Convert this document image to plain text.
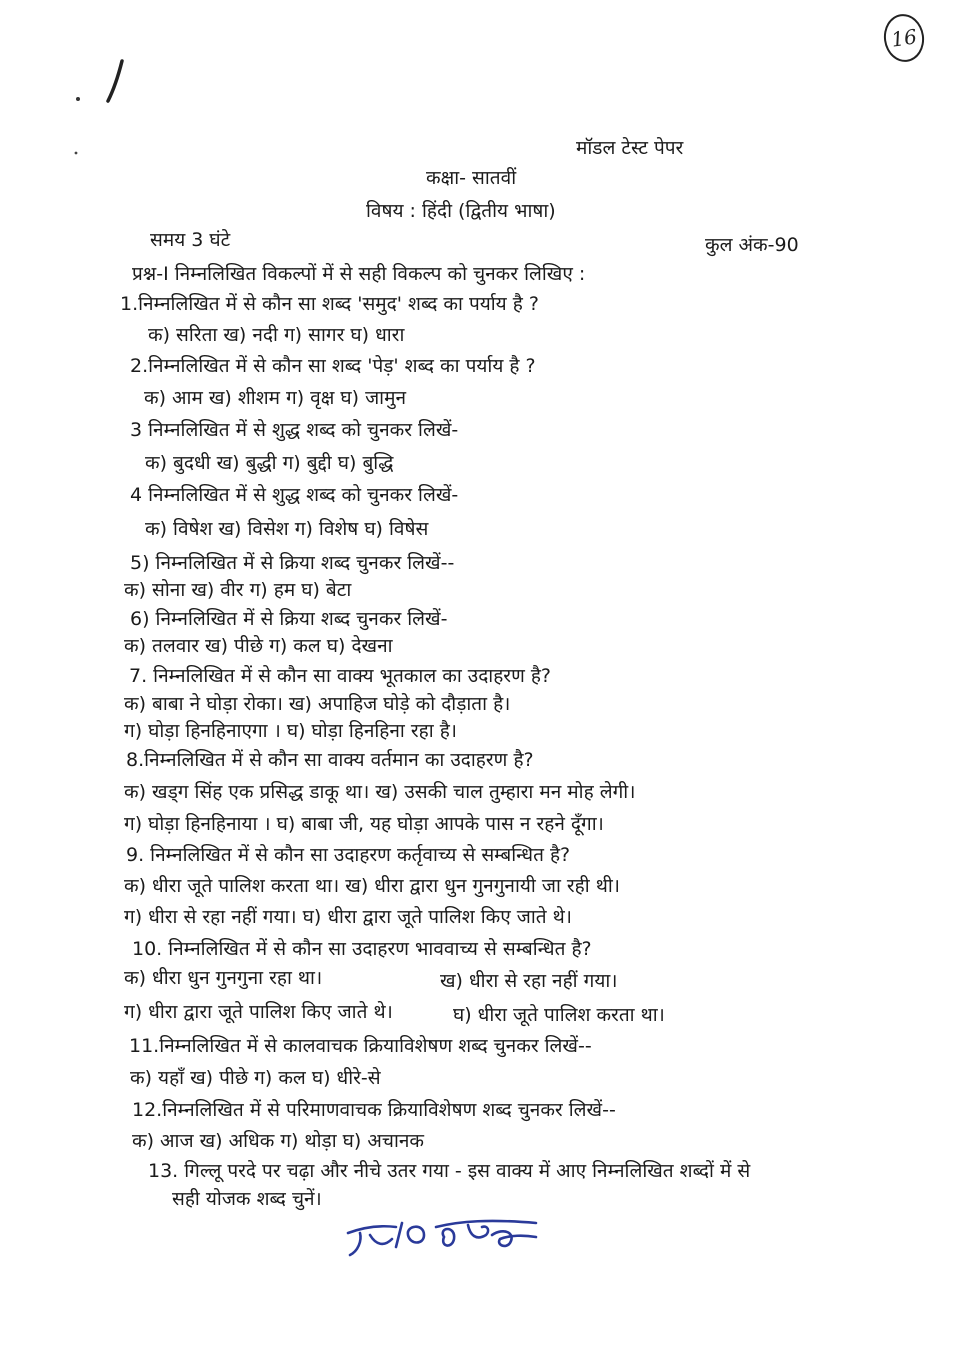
16
मॉडल टेस्ट पेपर
कक्षा- सातवीं
विषय : हिंदी (द्वितीय भाषा)
समय 3 घंटे	कुल अंक-90
प्रश्न-I निम्नलिखित विकल्पों में से सही विकल्प को चुनकर लिखिए :
1.निम्नलिखित में से कौन सा शब्द 'समुद' शब्द का पर्याय है ?
क) सरिता ख) नदी ग) सागर घ) धारा
2.निम्नलिखित में से कौन सा शब्द 'पेड़' शब्द का पर्याय है ?
क) आम ख) शीशम ग) वृक्ष घ) जामुन
3 निम्नलिखित में से शुद्ध शब्द को चुनकर लिखें-
क) बुदधी ख) बुद्धी ग) बुद्दी घ) बुद्धि
4 निम्नलिखित में से शुद्ध शब्द को चुनकर लिखें-
क) विषेश ख) विसेश ग) विशेष घ) विषेस
5) निम्नलिखित में से क्रिया शब्द चुनकर लिखें--
क) सोना ख) वीर ग) हम घ) बेटा
6) निम्नलिखित में से क्रिया शब्द चुनकर लिखें-
क) तलवार ख) पीछे ग) कल घ) देखना
7. निम्नलिखित में से कौन सा वाक्य भूतकाल का उदाहरण है?
क) बाबा ने घोड़ा रोका। ख) अपाहिज घोड़े को दौड़ाता है।
ग) घोड़ा हिनहिनाएगा । घ) घोड़ा हिनहिना रहा है।
8.निम्नलिखित में से कौन सा वाक्य वर्तमान का उदाहरण है?
क) खड्ग सिंह एक प्रसिद्ध डाकू था। ख) उसकी चाल तुम्हारा मन मोह लेगी।
ग) घोड़ा हिनहिनाया । घ) बाबा जी, यह घोड़ा आपके पास न रहने दूँगा।
9. निम्नलिखित में से कौन सा उदाहरण कर्तृवाच्य से सम्बन्धित है?
क) धीरा जूते पालिश करता था। ख) धीरा द्वारा धुन गुनगुनायी जा रही थी।
ग) धीरा से रहा नहीं गया। घ) धीरा द्वारा जूते पालिश किए जाते थे।
10. निम्नलिखित में से कौन सा उदाहरण भाववाच्य से सम्बन्धित है?
क) धीरा धुन गुनगुना रहा था।	ख) धीरा से रहा नहीं गया।
ग) धीरा द्वारा जूते पालिश किए जाते थे।	घ) धीरा जूते पालिश करता था।
11.निम्नलिखित में से कालवाचक क्रियाविशेषण शब्द चुनकर लिखें--
क) यहाँ ख) पीछे ग) कल घ) धीरे-से
12.निम्नलिखित में से परिमाणवाचक क्रियाविशेषण शब्द चुनकर लिखें--
क) आज ख) अधिक ग) थोड़ा घ) अचानक
13. गिल्लू परदे पर चढ़ा और नीचे उतर गया - इस वाक्य में आए निम्नलिखित शब्दों में से
सही योजक शब्द चुनें।
